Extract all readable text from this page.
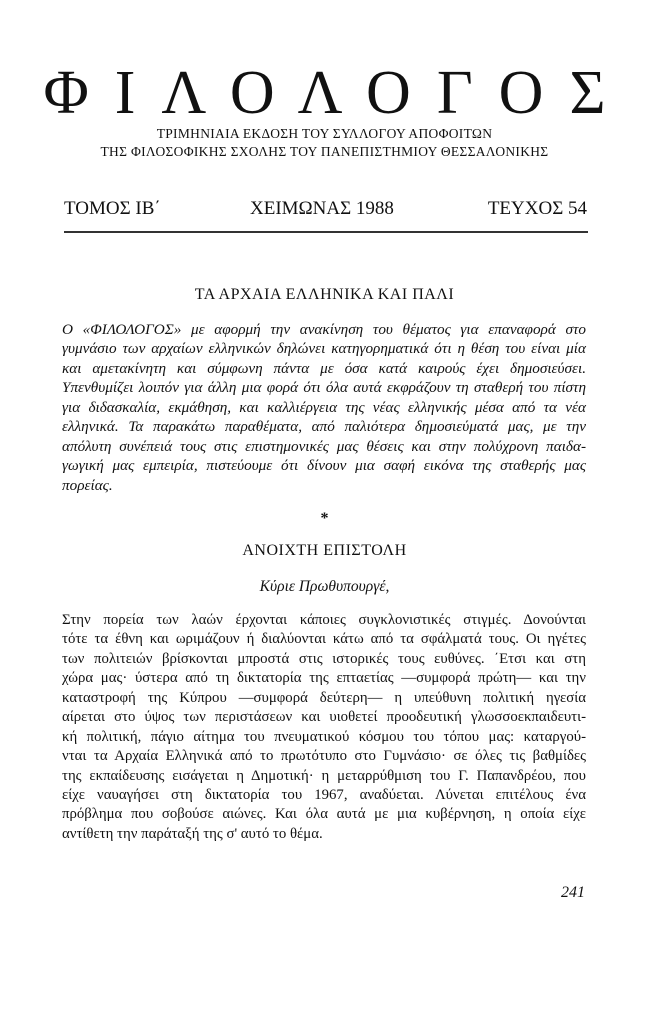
ΦΙΛΟΛΟΓΟΣ
ΤΡΙΜΗΝΙΑΙΑ ΕΚΔΟΣΗ ΤΟΥ ΣΥΛΛΟΓΟΥ ΑΠΟΦΟΙΤΩΝ
ΤΗΣ ΦΙΛΟΣΟΦΙΚΗΣ ΣΧΟΛΗΣ ΤΟΥ ΠΑΝΕΠΙΣΤΗΜΙΟΥ ΘΕΣΣΑΛΟΝΙΚΗΣ
ΤΟΜΟΣ ΙΒ΄	ΧΕΙΜΩΝΑΣ 1988	ΤΕΥΧΟΣ 54
ΤΑ ΑΡΧΑΙΑ ΕΛΛΗΝΙΚΑ ΚΑΙ ΠΑΛΙ
Ο «ΦΙΛΟΛΟΓΟΣ» με αφορμή την ανακίνηση του θέματος για επαναφορά στο
γυμνάσιο των αρχαίων ελληνικών δηλώνει κατηγορηματικά ότι η θέση του είναι μία
και αμετακίνητη και σύμφωνη πάντα με όσα κατά καιρούς έχει δημοσιεύσει.
Υπενθυμίζει λοιπόν για άλλη μια φορά ότι όλα αυτά εκφράζουν τη σταθερή του πίστη
για διδασκαλία, εκμάθηση, και καλλιέργεια της νέας ελληνικής μέσα από τα νέα
ελληνικά. Τα παρακάτω παραθέματα, από παλιότερα δημοσιεύματά μας, με την
απόλυτη συνέπειά τους στις επιστημονικές μας θέσεις και στην πολύχρονη παιδα-
γωγική μας εμπειρία, πιστεύουμε ότι δίνουν μια σαφή εικόνα της σταθερής μας
πορείας.
*
ΑΝΟΙΧΤΗ ΕΠΙΣΤΟΛΗ
Κύριε Πρωθυπουργέ,
Στην πορεία των λαών έρχονται κάποιες συγκλονιστικές στιγμές. Δονούνται
τότε τα έθνη και ωριμάζουν ή διαλύονται κάτω από τα σφάλματά τους. Οι ηγέτες
των πολιτειών βρίσκονται μπροστά στις ιστορικές τους ευθύνες. ΄Ετσι και στη
χώρα μας· ύστερα από τη δικτατορία της επταετίας —συμφορά πρώτη— και την
καταστροφή της Κύπρου —συμφορά δεύτερη— η υπεύθυνη πολιτική ηγεσία
αίρεται στο ύψος των περιστάσεων και υιοθετεί προοδευτική γλωσσοεκπαιδευτι-
κή πολιτική, πάγιο αίτημα του πνευματικού κόσμου του τόπου μας: καταργού-
νται τα Αρχαία Ελληνικά από το πρωτότυπο στο Γυμνάσιο· σε όλες τις βαθμίδες
της εκπαίδευσης εισάγεται η Δημοτική· η μεταρρύθμιση του Γ. Παπανδρέου, που
είχε ναυαγήσει στη δικτατορία του 1967, αναδύεται. Λύνεται επιτέλους ένα
πρόβλημα που σοβούσε αιώνες. Και όλα αυτά με μια κυβέρνηση, η οποία είχε
αντίθετη την παράταξή της σ' αυτό το θέμα.
241
